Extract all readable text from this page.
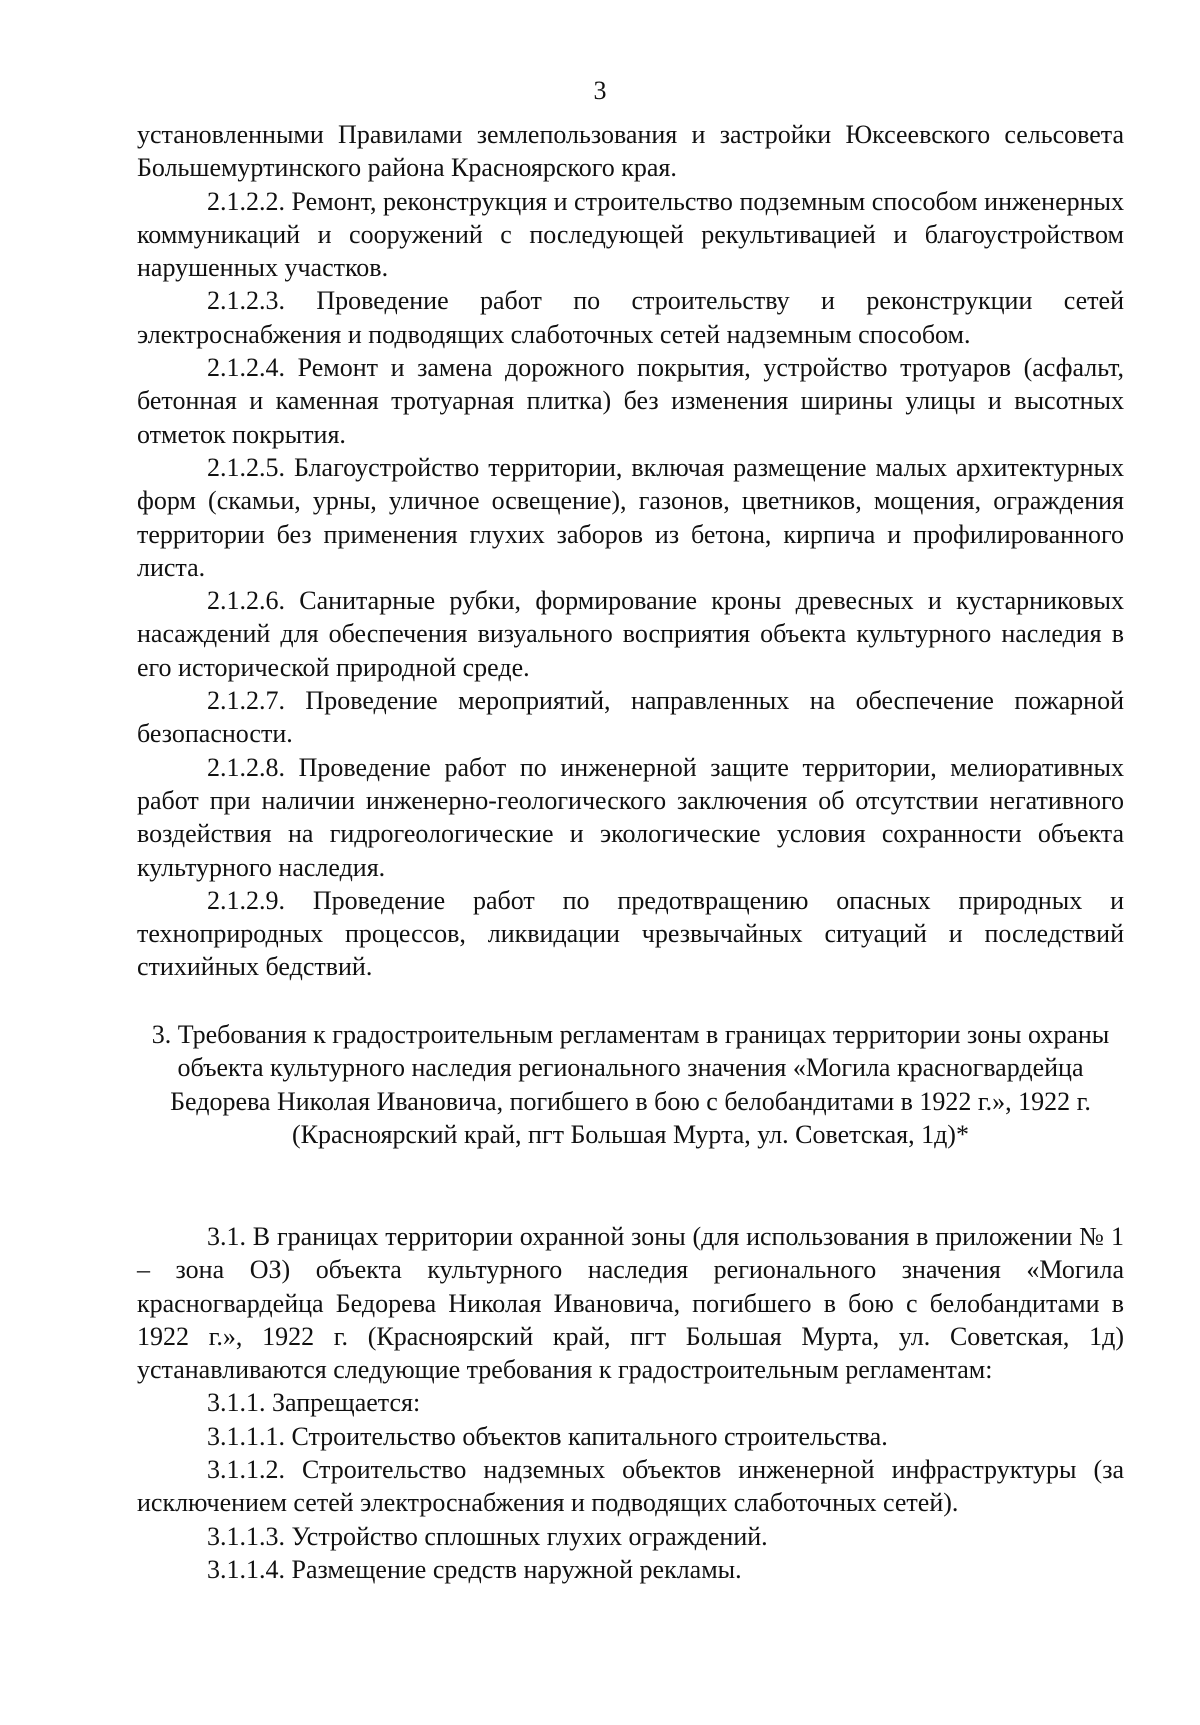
3

установленными Правилами землепользования и застройки Юксеевского сельсовета Большемуртинского района Красноярского края.

2.1.2.2. Ремонт, реконструкция и строительство подземным способом инженерных коммуникаций и сооружений с последующей рекультивацией и благоустройством нарушенных участков.

2.1.2.3. Проведение работ по строительству и реконструкции сетей электроснабжения и подводящих слаботочных сетей надземным способом.

2.1.2.4. Ремонт и замена дорожного покрытия, устройство тротуаров (асфальт, бетонная и каменная тротуарная плитка) без изменения ширины улицы и высотных отметок покрытия.

2.1.2.5. Благоустройство территории, включая размещение малых архитектурных форм (скамьи, урны, уличное освещение), газонов, цветников, мощения, ограждения территории без применения глухих заборов из бетона, кирпича и профилированного листа.

2.1.2.6. Санитарные рубки, формирование кроны древесных и кустарниковых насаждений для обеспечения визуального восприятия объекта культурного наследия в его исторической природной среде.

2.1.2.7. Проведение мероприятий, направленных на обеспечение пожарной безопасности.

2.1.2.8. Проведение работ по инженерной защите территории, мелиоративных работ при наличии инженерно-геологического заключения об отсутствии негативного воздействия на гидрогеологические и экологические условия сохранности объекта культурного наследия.

2.1.2.9. Проведение работ по предотвращению опасных природных и техноприродных процессов, ликвидации чрезвычайных ситуаций и последствий стихийных бедствий.

3. Требования к градостроительным регламентам в границах территории зоны охраны объекта культурного наследия регионального значения «Могила красногвардейца Бедорева Николая Ивановича, погибшего в бою с белобандитами в 1922 г.», 1922 г. (Красноярский край, пгт Большая Мурта, ул. Советская, 1д)*

3.1. В границах территории охранной зоны (для использования в приложении № 1 – зона ОЗ) объекта культурного наследия регионального значения «Могила красногвардейца Бедорева Николая Ивановича, погибшего в бою с белобандитами в 1922 г.», 1922 г. (Красноярский край, пгт Большая Мурта, ул. Советская, 1д) устанавливаются следующие требования к градостроительным регламентам:

3.1.1. Запрещается:

3.1.1.1. Строительство объектов капитального строительства.

3.1.1.2. Строительство надземных объектов инженерной инфраструктуры (за исключением сетей электроснабжения и подводящих слаботочных сетей).

3.1.1.3. Устройство сплошных глухих ограждений.

3.1.1.4. Размещение средств наружной рекламы.
